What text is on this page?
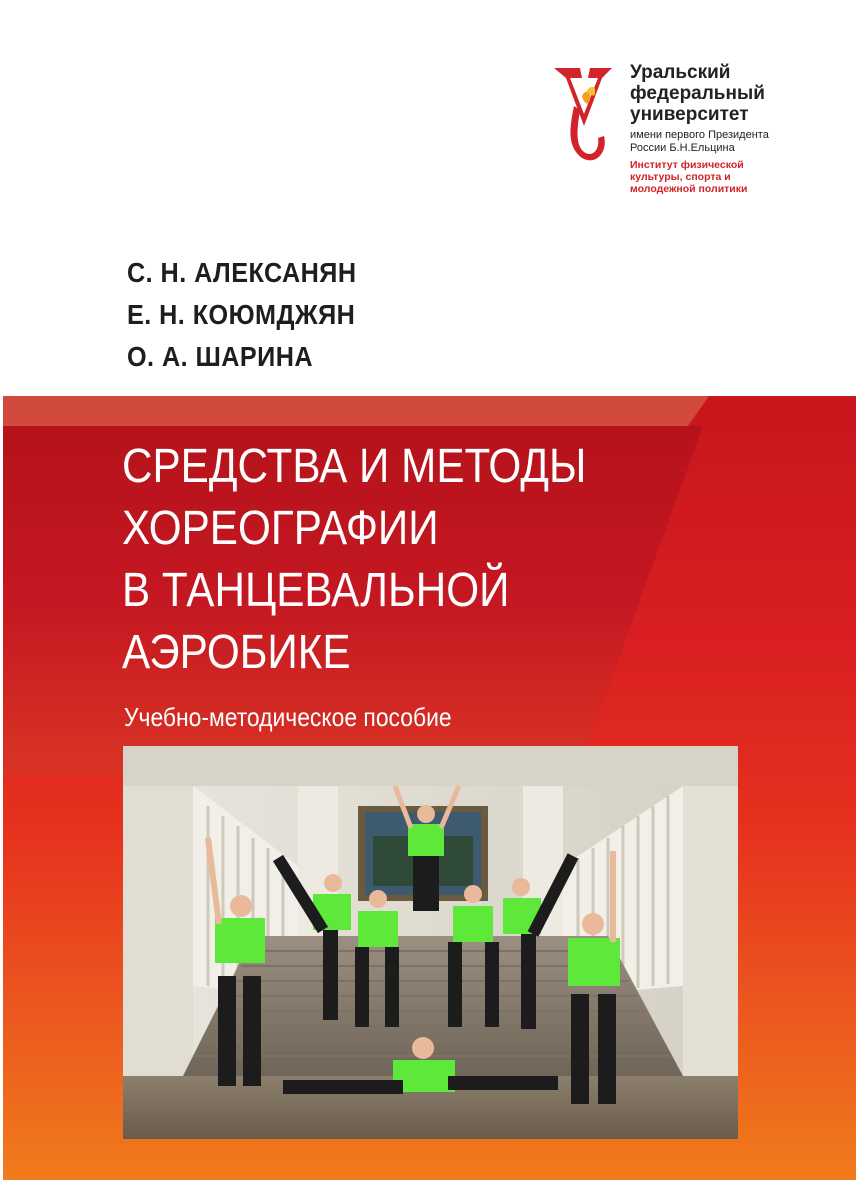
Уральский
федеральный
университет
имени первого Президента
России Б.Н.Ельцина
Институт физической
культуры, спорта и
молодежной политики
С. Н. АЛЕКСАНЯН
Е. Н. КОЮМДЖЯН
О. А. ШАРИНА
СРЕДСТВА И МЕТОДЫ
ХОРЕОГРАФИИ
В ТАНЦЕВАЛЬНОЙ
АЭРОБИКЕ
Учебно-методическое пособие
